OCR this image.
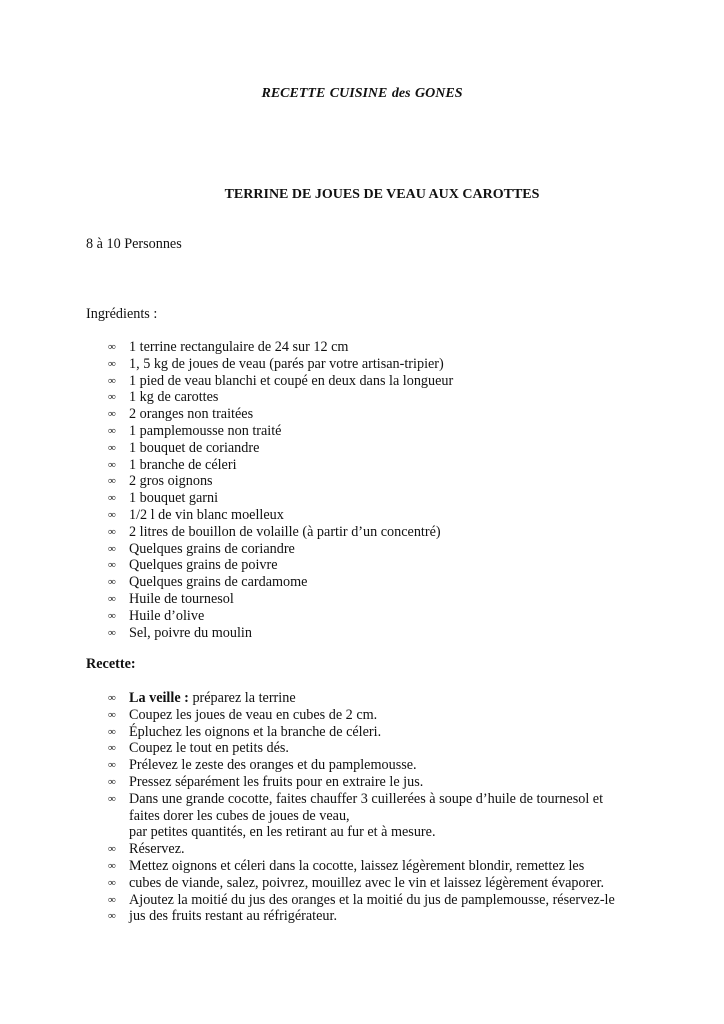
RECETTE CUISINE des GONES
TERRINE DE JOUES DE VEAU AUX CAROTTES
8 à 10 Personnes
Ingrédients :
∞ 1 terrine rectangulaire de 24 sur 12 cm
∞ 1, 5 kg de joues de veau (parés par votre artisan-tripier)
∞ 1 pied de veau blanchi et coupé en deux dans la longueur
∞ 1 kg de carottes
∞ 2 oranges non traitées
∞ 1 pamplemousse non traité
∞ 1 bouquet de coriandre
∞ 1 branche de céleri
∞ 2 gros oignons
∞ 1 bouquet garni
∞ 1/2 l de vin blanc moelleux
∞ 2 litres de bouillon de volaille (à partir d’un concentré)
∞ Quelques grains de coriandre
∞ Quelques grains de poivre
∞ Quelques grains de cardamome
∞ Huile de tournesol
∞ Huile d’olive
∞ Sel, poivre du moulin
Recette:
∞ La veille : préparez la terrine
∞ Coupez les joues de veau en cubes de 2 cm.
∞ Épluchez les oignons et la branche de céleri.
∞ Coupez le tout en petits dés.
∞ Prélevez le zeste des oranges et du pamplemousse.
∞ Pressez séparément les fruits pour en extraire le jus.
∞ Dans une grande cocotte, faites chauffer 3 cuillerées à soupe d’huile de tournesol et faites dorer les cubes de joues de veau,
par petites quantités, en les retirant au fur et à mesure.
∞ Réservez.
∞ Mettez oignons et céleri dans la cocotte, laissez légèrement blondir, remettez les
∞ cubes de viande, salez, poivrez, mouillez avec le vin et laissez légèrement évaporer.
∞ Ajoutez la moitié du jus des oranges et la moitié du jus de pamplemousse, réservez-le
∞ jus des fruits restant au réfrigérateur.
